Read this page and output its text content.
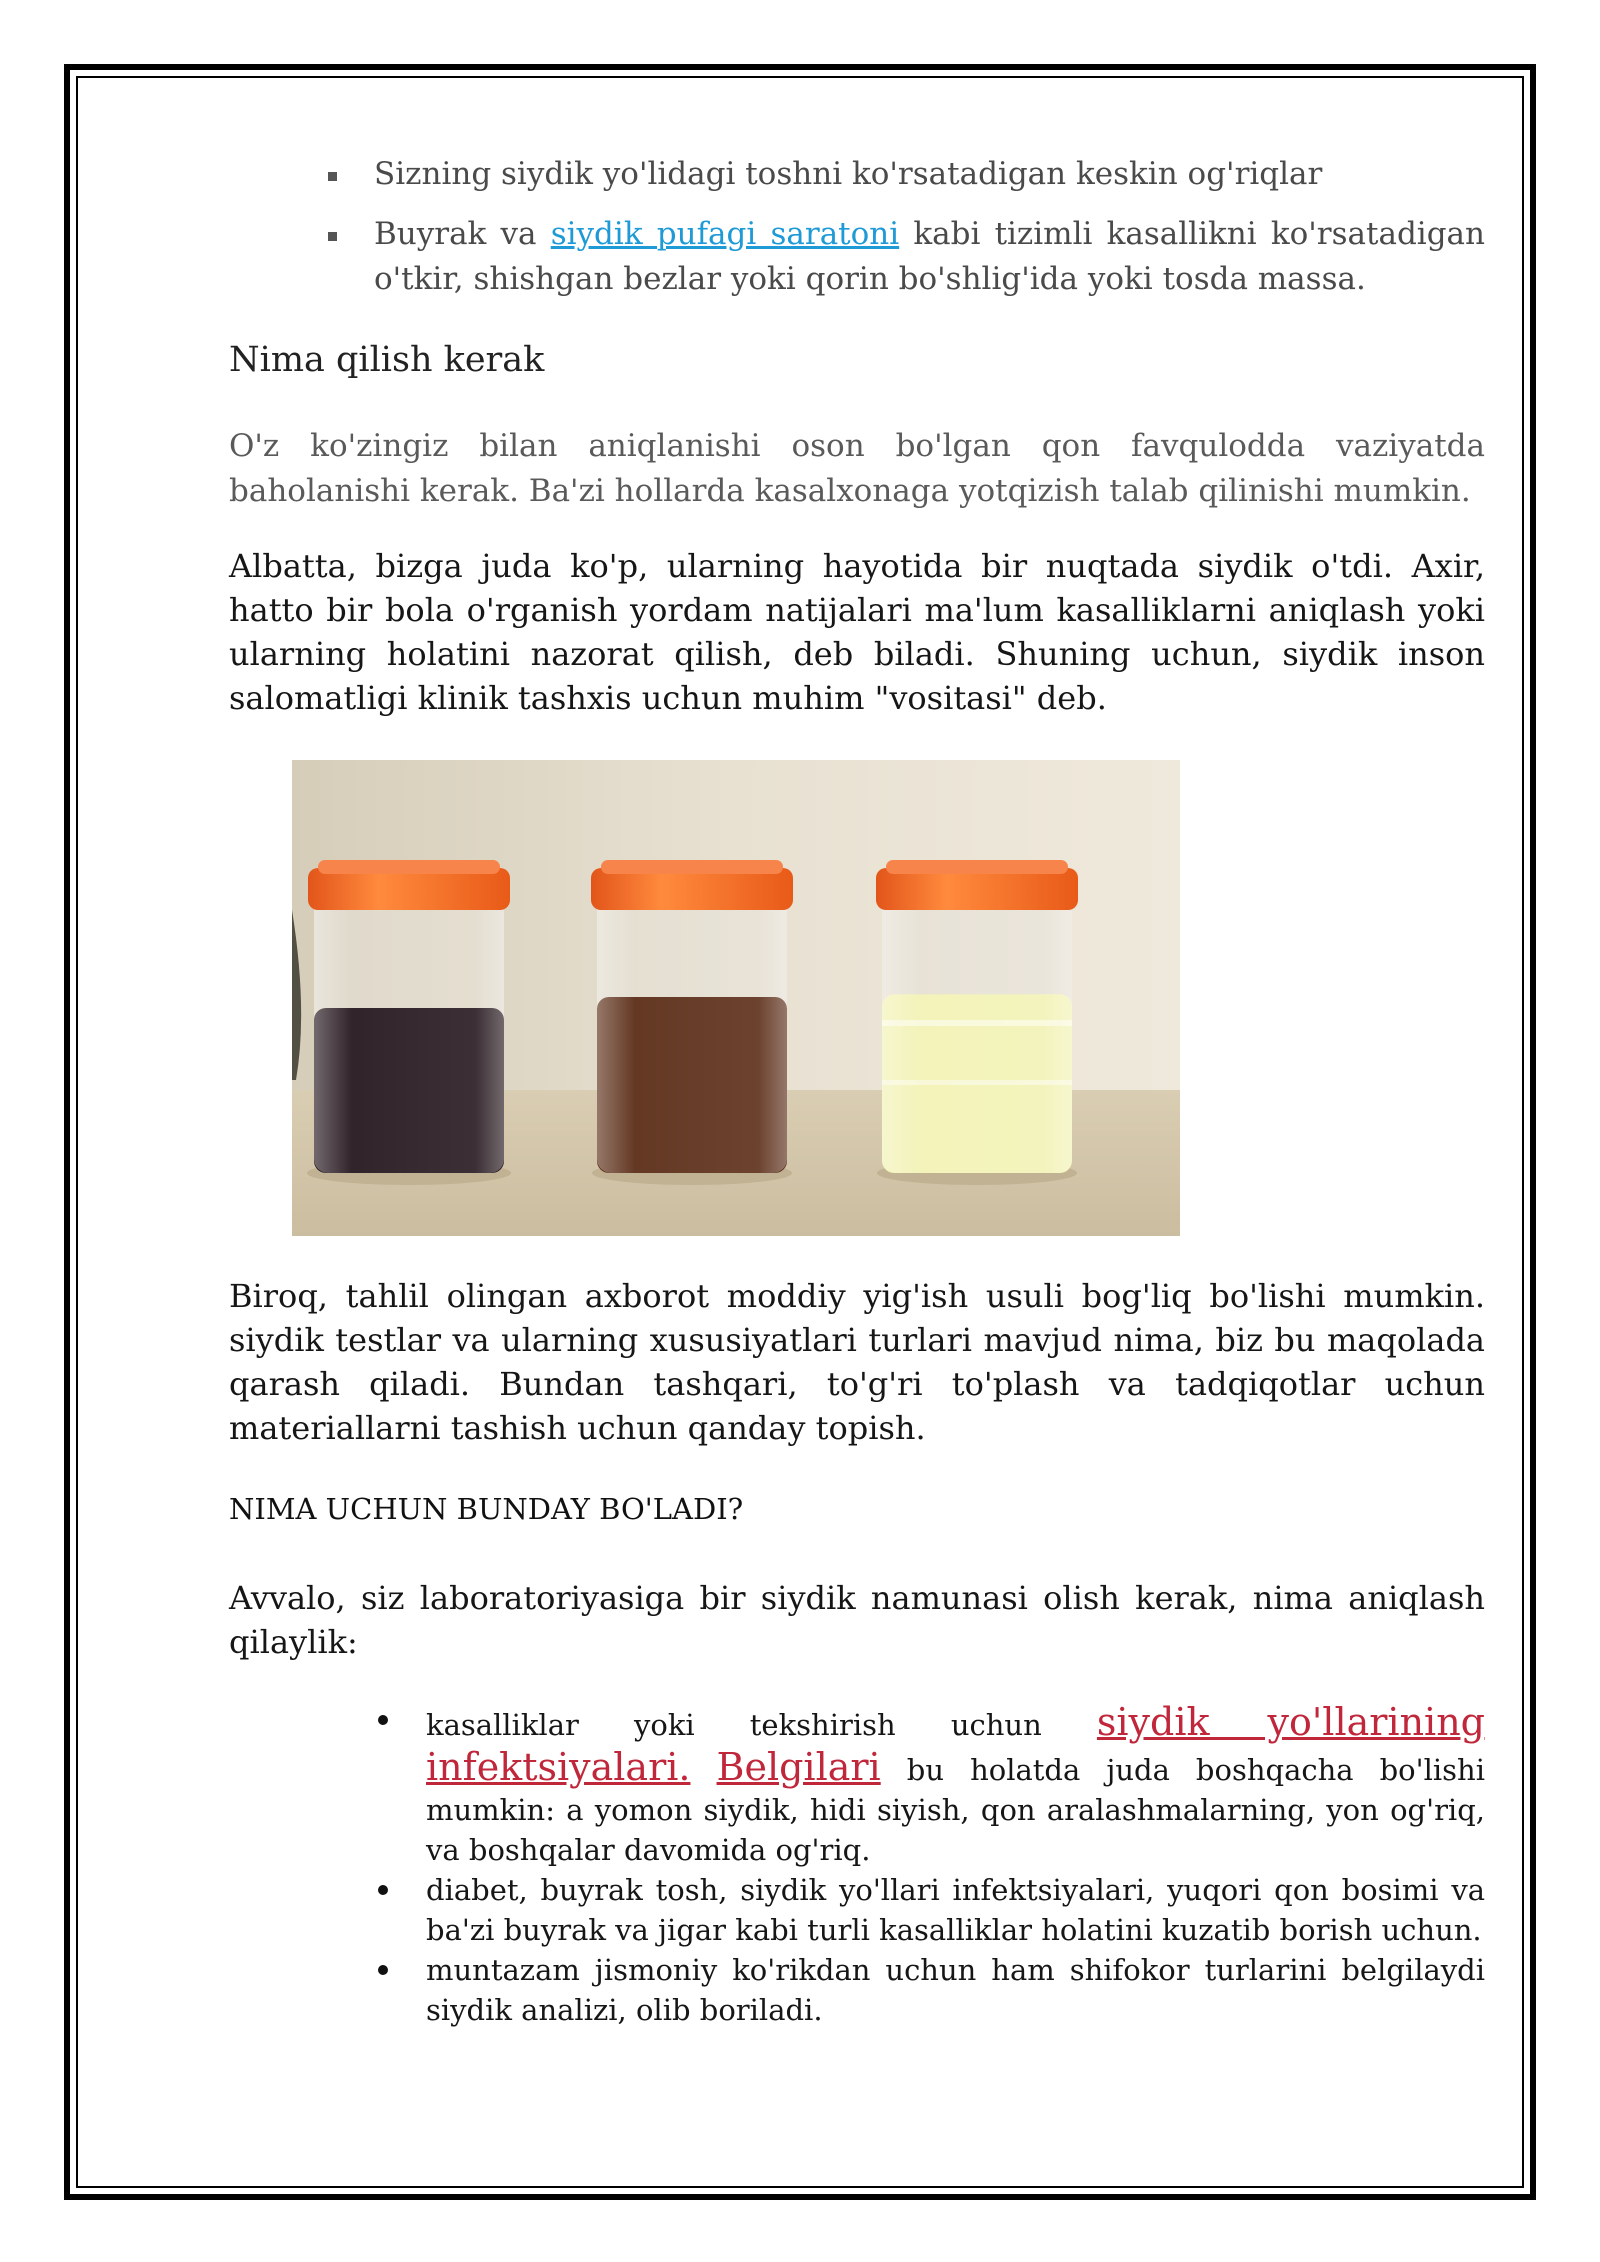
Sizning siydik yo'lidagi toshni ko'rsatadigan keskin og'riqlar
Buyrak va siydik pufagi saratoni kabi tizimli kasallikni ko'rsatadigan o'tkir, shishgan bezlar yoki qorin bo'shlig'ida yoki tosda massa.
Nima qilish kerak

O'z ko'zingiz bilan aniqlanishi oson bo'lgan qon favqulodda vaziyatda baholanishi kerak. Ba'zi hollarda kasalxonaga yotqizish talab qilinishi mumkin.

Albatta, bizga juda ko'p, ularning hayotida bir nuqtada siydik o'tdi. Axir, hatto bir bola o'rganish yordam natijalari ma'lum kasalliklarni aniqlash yoki ularning holatini nazorat qilish, deb biladi. Shuning uchun, siydik inson salomatligi klinik tashxis uchun muhim "vositasi" deb.

Biroq, tahlil olingan axborot moddiy yig'ish usuli bog'liq bo'lishi mumkin. siydik testlar va ularning xususiyatlari turlari mavjud nima, biz bu maqolada qarash qiladi. Bundan tashqari, to'g'ri to'plash va tadqiqotlar uchun materiallarni tashish uchun qanday topish.

NIMA UCHUN BUNDAY BO'LADI?

Avvalo, siz laboratoriyasiga bir siydik namunasi olish kerak, nima aniqlash qilaylik:

kasalliklar yoki tekshirish uchun siydik yo'llarining infektsiyalari. Belgilari bu holatda juda boshqacha bo'lishi mumkin: a yomon siydik, hidi siyish, qon aralashmalarning, yon og'riq, va boshqalar davomida og'riq.
diabet, buyrak tosh, siydik yo'llari infektsiyalari, yuqori qon bosimi va ba'zi buyrak va jigar kabi turli kasalliklar holatini kuzatib borish uchun.
muntazam jismoniy ko'rikdan uchun ham shifokor turlarini belgilaydi siydik analizi, olib boriladi.
